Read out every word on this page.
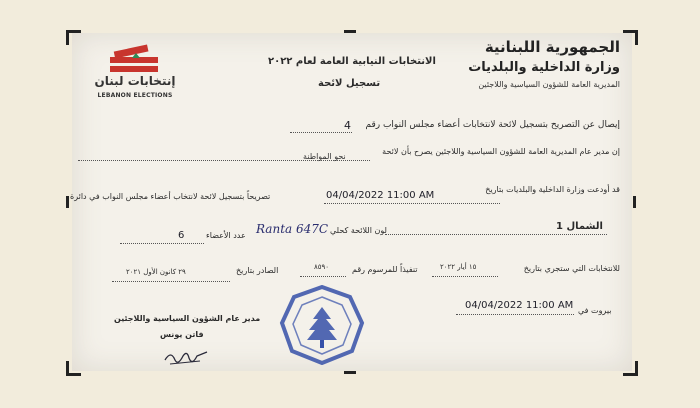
الجمهورية اللبنانية
وزارة الداخلية والبلديات
المديرية العامة للشؤون السياسية واللاجئين
الانتخابات النيابية العامة لعام ٢٠٢٢
تسجيل لائحة
إنتخابات لبنان
LEBANON ELECTIONS
إيصال عن التصريح بتسجيل لائحة لانتخابات أعضاء مجلس النواب رقم
4
إن مدير عام المديرية العامة للشؤون السياسية واللاجئين يصرح بأن لائحة
نحو المواطنة
قد أودعت وزارة الداخلية والبلديات بتاريخ
04/04/2022 11:00 AM
تصريحاً بتسجيل لائحة لانتخاب أعضاء مجلس النواب في دائرة
الشمال 1
لون اللائحة كحلي
Ranta 647C
عدد الأعضاء
6
للانتخابات التي ستجري بتاريخ
١٥ أيار ٢٠٢٢
تنفيذاً للمرسوم رقم
٨٥٩٠
الصادر بتاريخ
٢٩ كانون الأول ٢٠٢١
بيروت في
04/04/2022 11:00 AM
مدير عام الشؤون السياسية واللاجئين
فاتن يونس
